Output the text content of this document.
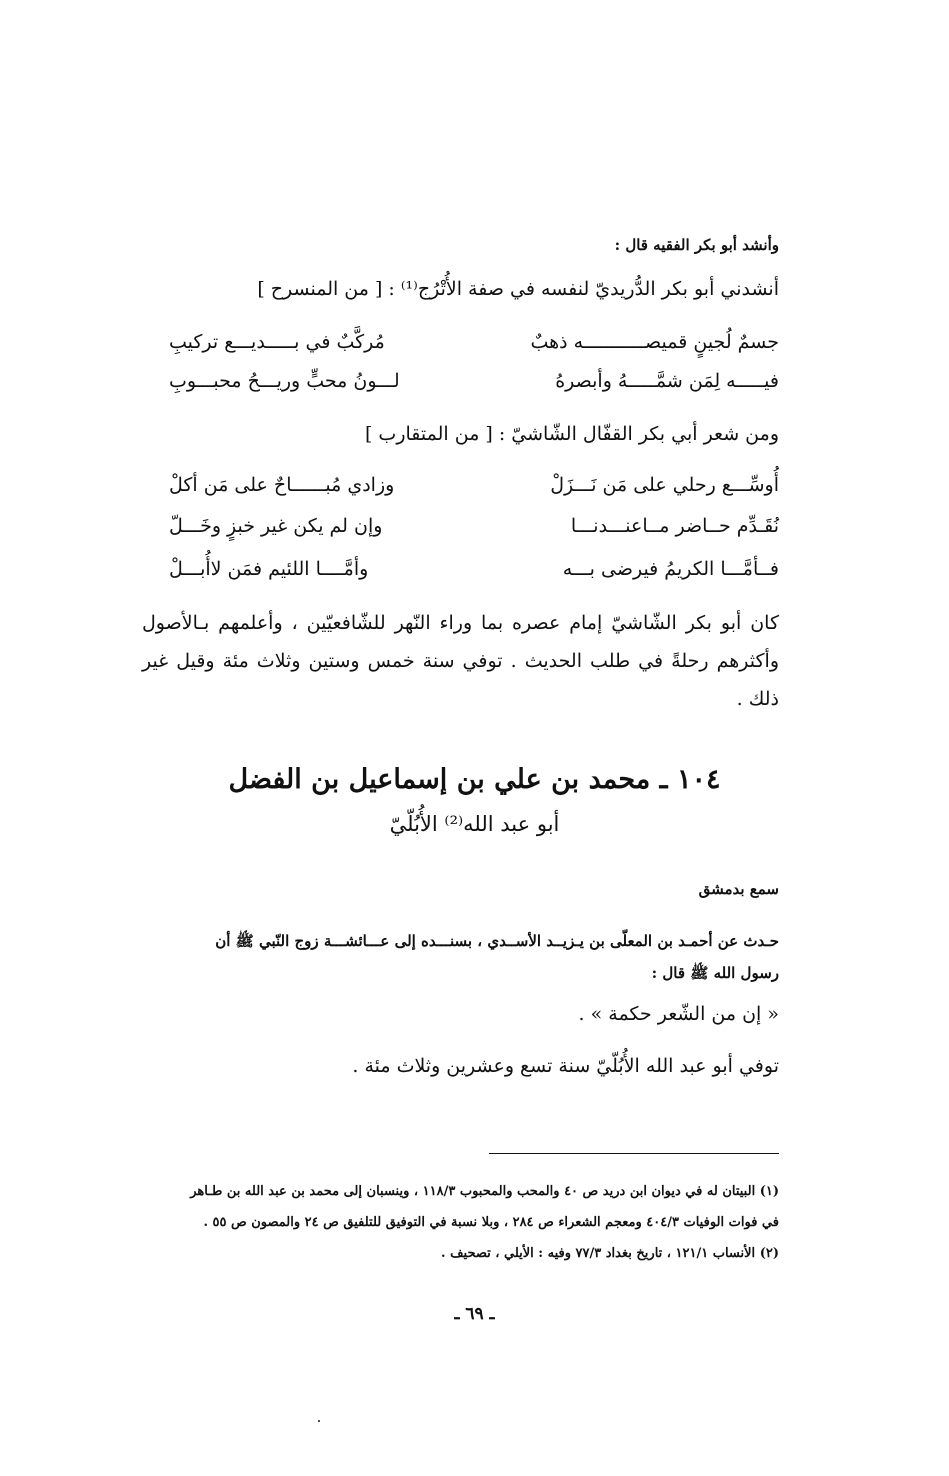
وأنشد أبو بكر الفقيه قال :
أنشدني أبو بكر الدُّريديّ لنفسه في صفة الأُتْرُج⁽¹⁾ : [ من المنسرح ]
جسمٌ لُجينٍ قميصـــــــــــه ذهبٌ
مُركَّبٌ في بـــــديـــع تركيبِ
فيـــــه لِمَن شمَّـــــهُ وأبصرهُ
لـــونُ محبٍّ وريـــحُ محبـــوبِ
ومن شعر أبي بكر القفّال الشّاشيّ : [ من المتقارب ]
أُوسِّـــع رحلي على مَن نَـــزَلْ
وزادي مُبــــــاحٌ على مَن أكلْ
نُقَـدِّم حــاضر مــاعنـــدنـــا
وإن لم يكن غير خبزٍ وخَـــلّ
فــأمَّـــا الكريمُ فيرضى بـــه
وأمَّــــا اللئيم فمَن لاأُبـــلْ
كان أبو بكر الشّاشيّ إمام عصره بما وراء النّهر للشّافعيّين ، وأعلمهم بـالأصول وأكثرهم رحلةً في طلب الحديث . توفي سنة خمس وستين وثلاث مئة وقيل غير ذلك .
١٠٤ ـ محمد بن علي بن إسماعيل بن الفضل
أبو عبد الله⁽²⁾ الأُبُلّيّ
سمع بدمشق
حـدث عن أحمـد بن المعلّى بن يـزيــد الأســدي ، بسنـــده إلى عـــائشـــة زوج النّبي ﷺ أن
رسول الله ﷺ قال :
« إن من الشّعر حكمة » .
توفي أبو عبد الله الأُبُلّيّ سنة تسع وعشرين وثلاث مئة .
(١) البيتان له في ديوان ابن دريد ص ٤٠ والمحب والمحبوب ١١٨/٣ ، وينسبان إلى محمد بن عبد الله بن طـاهر
في فوات الوفيات ٤٠٤/٣ ومعجم الشعراء ص ٢٨٤ ، وبلا نسبة في التوفيق للتلفيق ص ٢٤ والمصون ص ٥٥ .
(٢) الأنساب ١٢١/١ ، تاريخ بغداد ٧٧/٣ وفيه : الأيلي ، تصحيف .
ـ ٦٩ ـ
